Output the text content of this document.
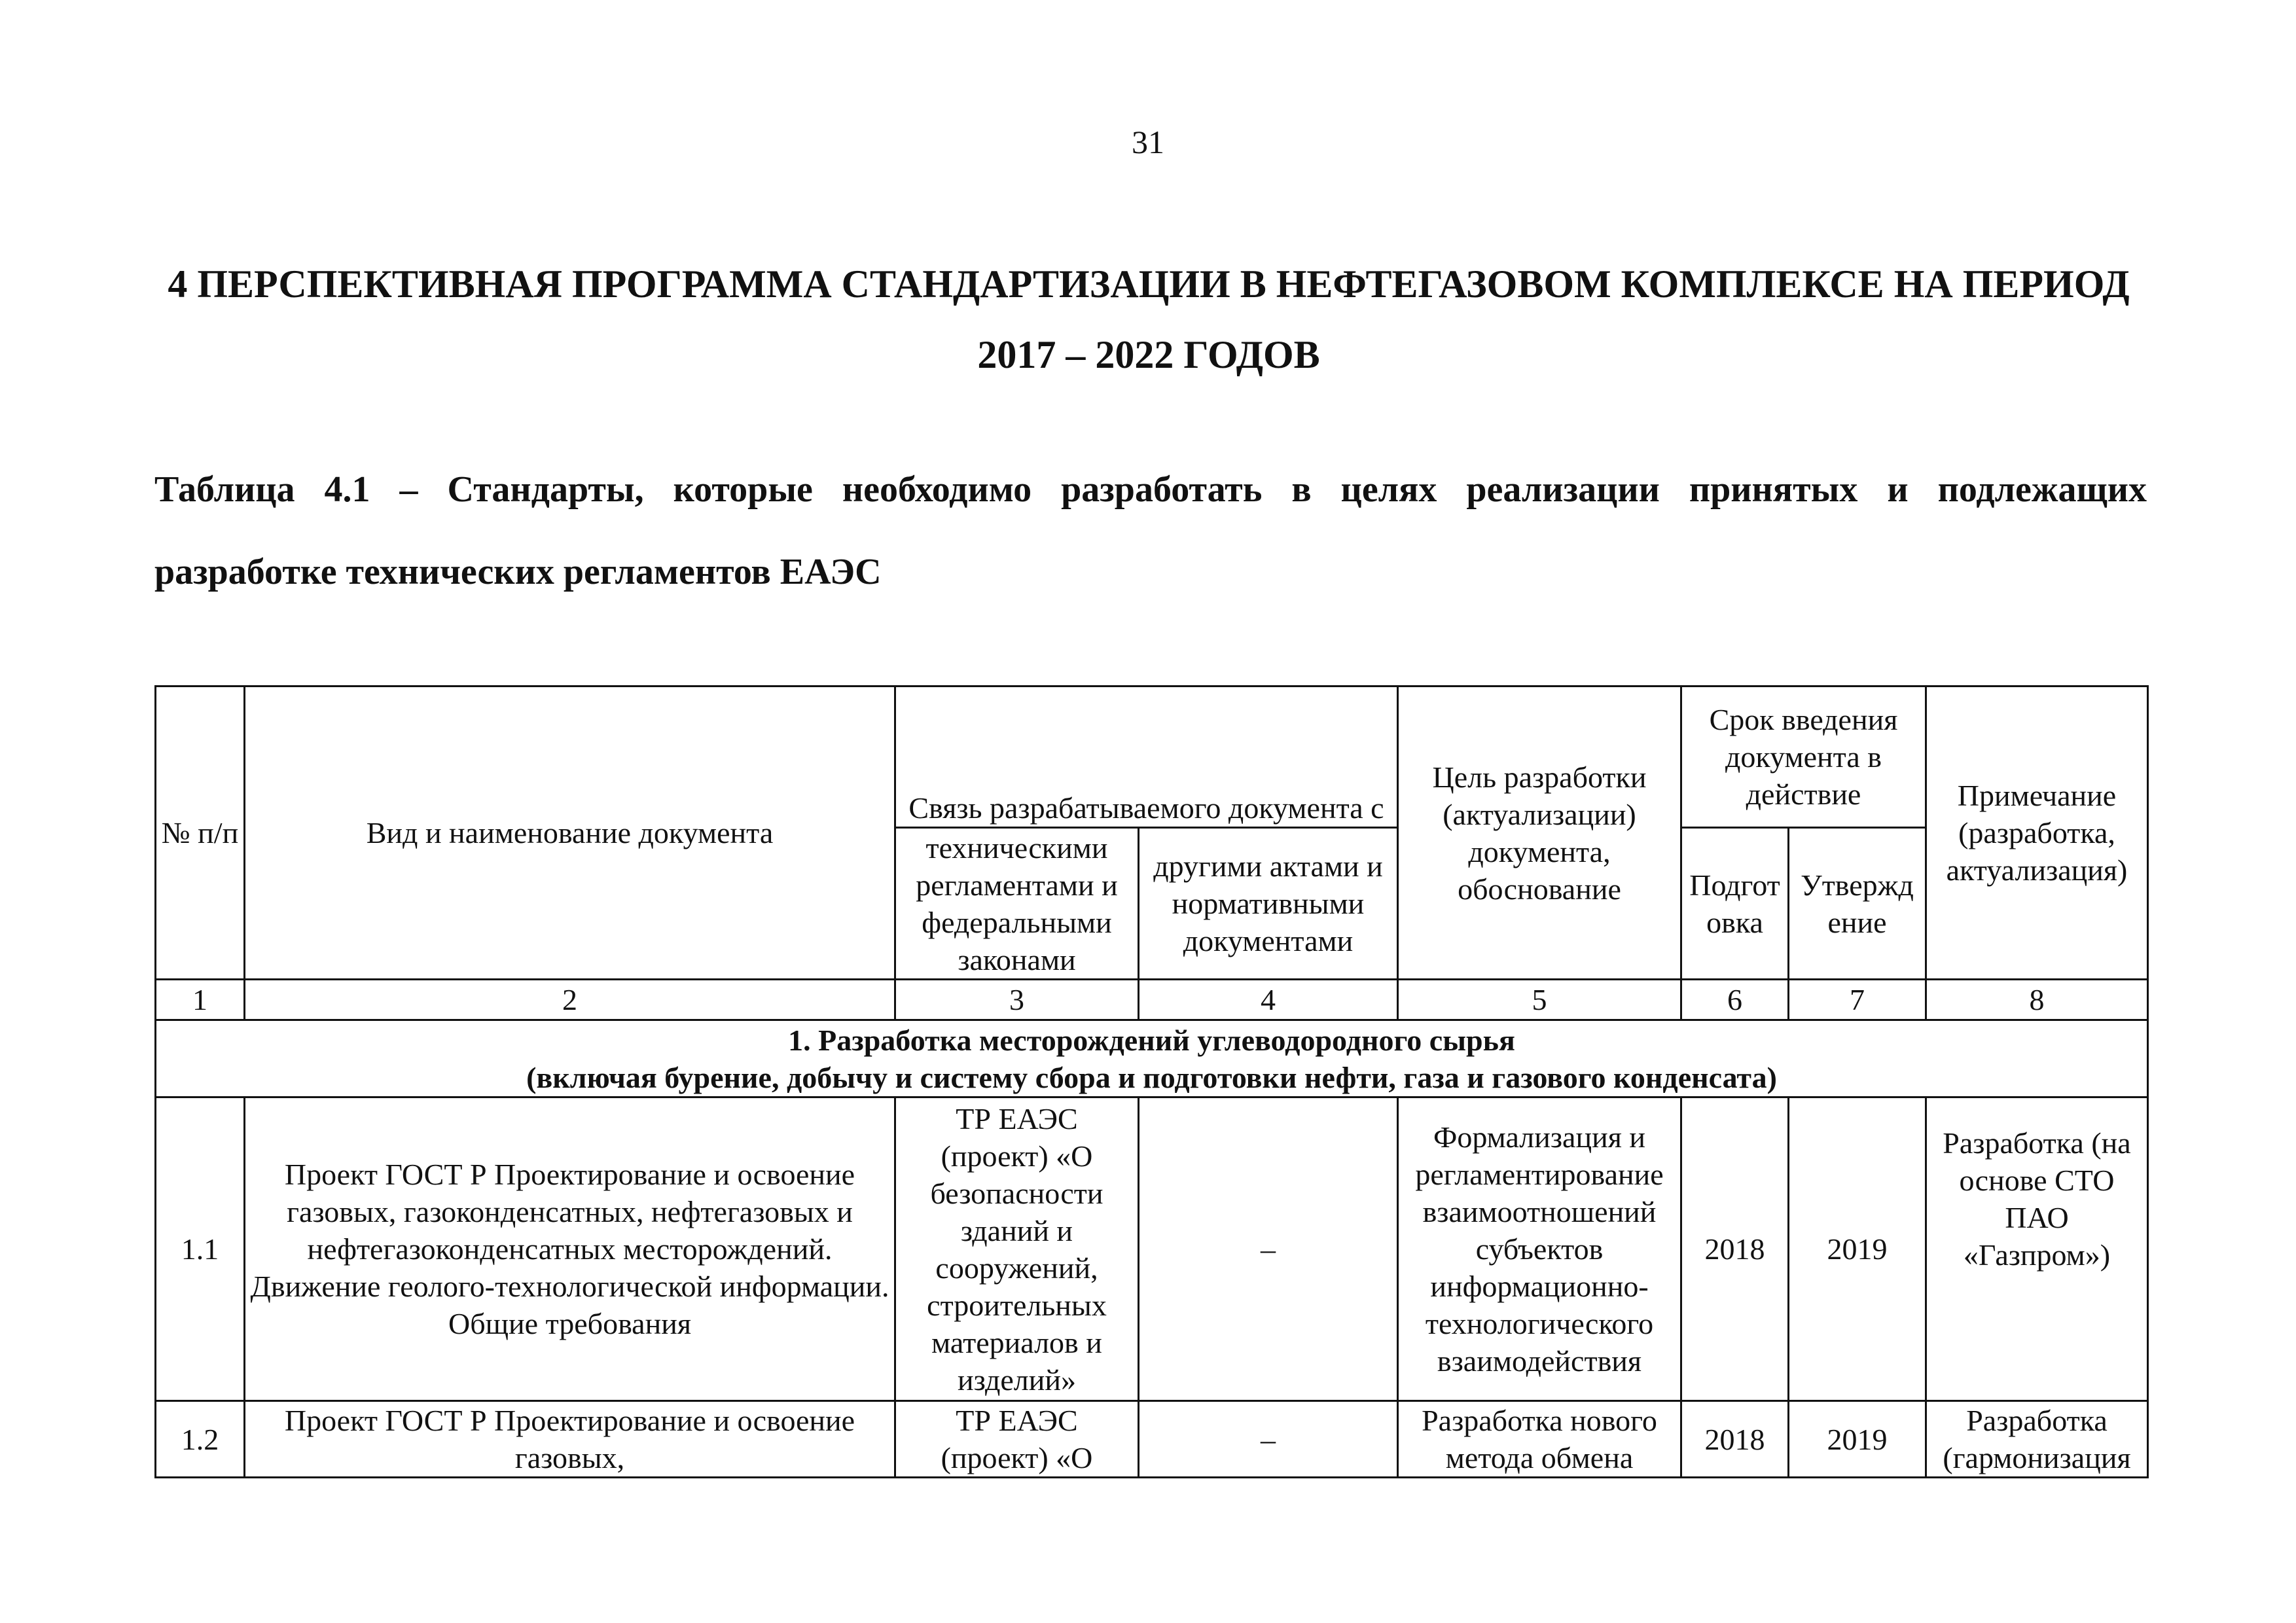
31
4 ПЕРСПЕКТИВНАЯ ПРОГРАММА СТАНДАРТИЗАЦИИ В НЕФТЕГАЗОВОМ КОМПЛЕКСЕ НА ПЕРИОД
2017 – 2022 ГОДОВ
Таблица 4.1 – Стандарты, которые необходимо разработать в целях реализации принятых и подлежащих
разработке технических регламентов ЕАЭС
№ п/п	Вид и наименование документа	Связь разрабатываемого документа с		Цель разработки (актуализации) документа, обоснование	Срок введения документа в действие		Примечание (разработка, актуализация)
		техническими регламентами и федеральными законами	другими актами и нормативными документами		Подгот овка	Утвержд ение	
1	2	3	4	5	6	7	8

1. Разработка месторождений углеводородного сырья
(включая бурение, добычу и систему сбора и подготовки нефти, газа и газового конденсата)							

1.1	Проект ГОСТ Р Проектирование и освоение газовых, газоконденсатных, нефтегазовых и нефтегазоконденсатных месторождений. Движение геолого-технологической информации. Общие требования	ТР ЕАЭС (проект) «О безопасности зданий и сооружений, строительных материалов и изделий»	–	Формализация и регламентирование взаимоотношений субъектов информационно-технологического взаимодействия	2018	2019	Разработка (на основе СТО ПАО «Газпром»)
1.2	Проект ГОСТ Р Проектирование и освоение газовых,	ТР ЕАЭС (проект) «О	–	Разработка нового метода обмена	2018	2019	Разработка (гармонизация
